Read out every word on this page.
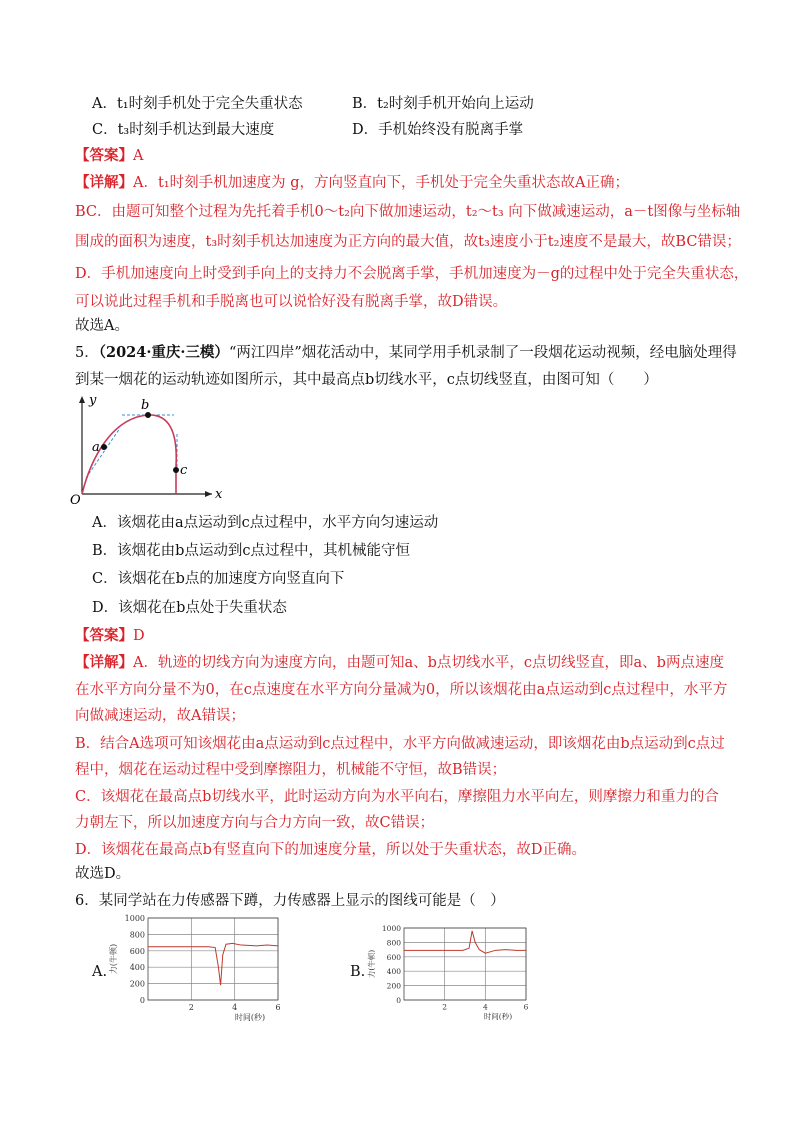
A．t₁时刻手机处于完全失重状态	B．t₂时刻手机开始向上运动
C．t₃时刻手机达到最大速度	D．手机始终没有脱离手掌
【答案】A
【详解】A．t₁时刻手机加速度为 g，方向竖直向下，手机处于完全失重状态故A正确；
BC．由题可知整个过程为先托着手机0～t₂向下做加速运动，t₂～t₃ 向下做减速运动，a－t图像与坐标轴
围成的面积为速度，t₃时刻手机达加速度为正方向的最大值，故t₃速度小于t₂速度不是最大，故BC错误；
D．手机加速度向上时受到手向上的支持力不会脱离手掌，手机加速度为－g的过程中处于完全失重状态，
可以说此过程手机和手脱离也可以说恰好没有脱离手掌，故D错误。
故选A。
5．（2024·重庆·三模）“两江四岸”烟花活动中，某同学用手机录制了一段烟花运动视频，经电脑处理得
到某一烟花的运动轨迹如图所示，其中最高点b切线水平，c点切线竖直，由图可知（　　）
y
x
O
a
b
c
A．该烟花由a点运动到c点过程中，水平方向匀速运动
B．该烟花由b点运动到c点过程中，其机械能守恒
C．该烟花在b点的加速度方向竖直向下
D．该烟花在b点处于失重状态
【答案】D
【详解】A．轨迹的切线方向为速度方向，由题可知a、b点切线水平，c点切线竖直，即a、b两点速度
在水平方向分量不为0，在c点速度在水平方向分量减为0，所以该烟花由a点运动到c点过程中，水平方
向做减速运动，故A错误；
B．结合A选项可知该烟花由a点运动到c点过程中，水平方向做减速运动，即该烟花由b点运动到c点过
程中，烟花在运动过程中受到摩擦阻力，机械能不守恒，故B错误；
C．该烟花在最高点b切线水平，此时运动方向为水平向右，摩擦阻力水平向左，则摩擦力和重力的合
力朝左下，所以加速度方向与合力方向一致，故C错误；
D．该烟花在最高点b有竖直向下的加速度分量，所以处于失重状态，故D正确。
故选D。
6．某同学站在力传感器下蹲，力传感器上显示的图线可能是（　）
A.	B.
0
200
400
600
800
1000
2	4	6
时间(秒)
力(牛顿)
0
200
400
600
800
1000
2	4	6
时间(秒)
力(牛顿)
